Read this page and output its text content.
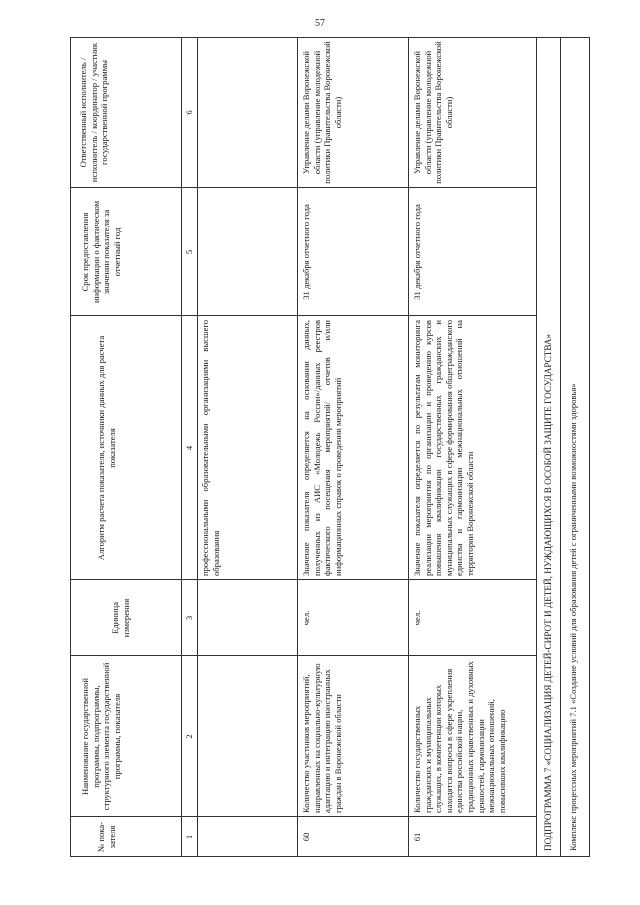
57
Наименование государственной программы, подпрограммы, структурного элемента государственной программы, показателя
Единица измерения
Алгоритм расчета показателя, источники данных для расчета показателя
Срок предоставления информации о фактическом значении показателя за отчетный год
Ответственный исполнитель / исполнитель / координатор / участник государственной программы
№ пока-зателя	1
2
3
4
5
6
профессиональными образовательными организациями высшего образования
60
Количество участников мероприятий, направленных на социально-культурную адаптацию и интеграцию иностранных граждан в Воронежской области
чел.
Значение показателя определяется на основании данных, полученных из АИС «Молодежь России»/данных реестров фактического посещения мероприятий/ отчетов и/или информационных справок о проведении мероприятий
31 декабря отчетного года
Управление делами Воронежской области (управление молодежной политики Правительства Воронежской области)
61
Количество государственных гражданских и муниципальных служащих, в компетенции которых находятся вопросы в сфере укрепления единства российской нации, традиционных нравственных и духовных ценностей, гармонизации межнациональных отношений, повысивших квалификацию
чел.
Значение показателя определяется по результатам мониторинга реализации мероприятия по организации и проведению курсов повышения квалификации государственных гражданских и муниципальных служащих в сфере формирования общегражданского единства и гармонизации межнациональных отношений на территории Воронежской области
31 декабря отчетного года
Управление делами Воронежской области (управление молодежной политики Правительства Воронежской области)
ПОДПРОГРАММА 7 «СОЦИАЛИЗАЦИЯ ДЕТЕЙ-СИРОТ И ДЕТЕЙ, НУЖДАЮЩИХСЯ В ОСОБОЙ ЗАЩИТЕ ГОСУДАРСТВА» Комплекс процессных мероприятий 7.1 «Создание условий для образования детей с ограниченными возможностями здоровья»
